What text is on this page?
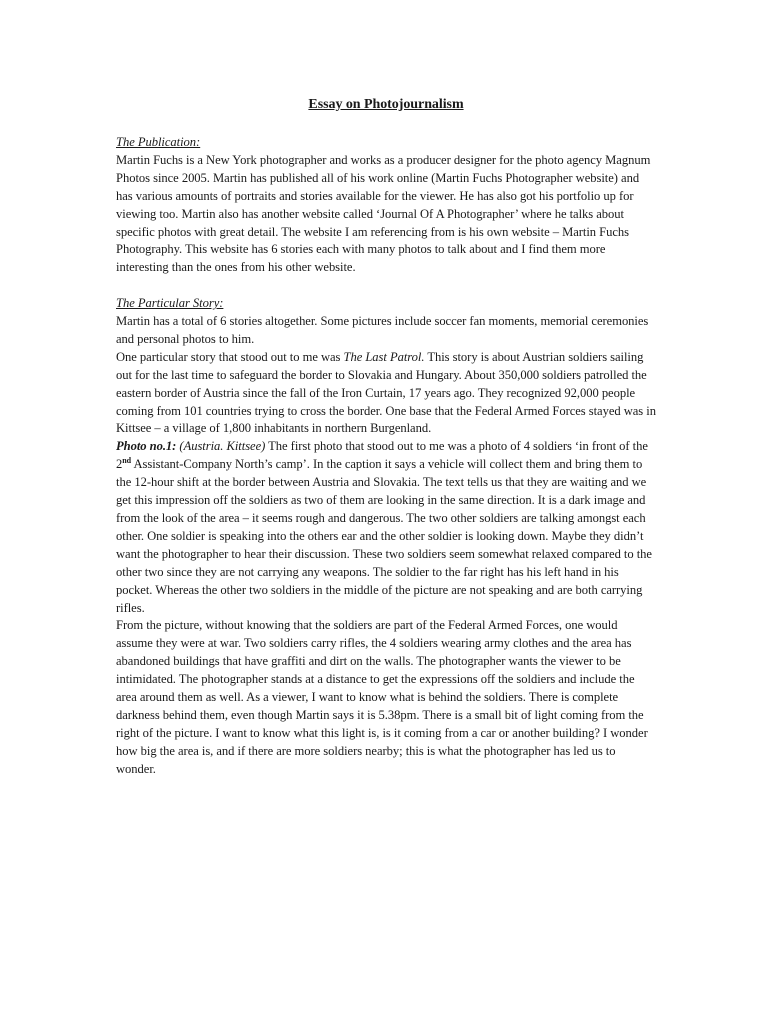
Essay on Photojournalism

The Publication:

Martin Fuchs is a New York photographer and works as a producer designer for the photo agency Magnum Photos since 2005. Martin has published all of his work online (Martin Fuchs Photographer website) and has various amounts of portraits and stories available for the viewer. He has also got his portfolio up for viewing too. Martin also has another website called ‘Journal Of A Photographer’ where he talks about specific photos with great detail. The website I am referencing from is his own website – Martin Fuchs Photography. This website has 6 stories each with many photos to talk about and I find them more interesting than the ones from his other website.

The Particular Story:

Martin has a total of 6 stories altogether. Some pictures include soccer fan moments, memorial ceremonies and personal photos to him.

One particular story that stood out to me was The Last Patrol. This story is about Austrian soldiers sailing out for the last time to safeguard the border to Slovakia and Hungary. About 350,000 soldiers patrolled the eastern border of Austria since the fall of the Iron Curtain, 17 years ago. They recognized 92,000 people coming from 101 countries trying to cross the border. One base that the Federal Armed Forces stayed was in Kittsee – a village of 1,800 inhabitants in northern Burgenland.

Photo no.1: (Austria. Kittsee) The first photo that stood out to me was a photo of 4 soldiers ‘in front of the 2nd Assistant-Company North’s camp’. In the caption it says a vehicle will collect them and bring them to the 12-hour shift at the border between Austria and Slovakia. The text tells us that they are waiting and we get this impression off the soldiers as two of them are looking in the same direction. It is a dark image and from the look of the area – it seems rough and dangerous. The two other soldiers are talking amongst each other. One soldier is speaking into the others ear and the other soldier is looking down. Maybe they didn’t want the photographer to hear their discussion. These two soldiers seem somewhat relaxed compared to the other two since they are not carrying any weapons. The soldier to the far right has his left hand in his pocket. Whereas the other two soldiers in the middle of the picture are not speaking and are both carrying rifles.

From the picture, without knowing that the soldiers are part of the Federal Armed Forces, one would assume they were at war. Two soldiers carry rifles, the 4 soldiers wearing army clothes and the area has abandoned buildings that have graffiti and dirt on the walls. The photographer wants the viewer to be intimidated. The photographer stands at a distance to get the expressions off the soldiers and include the area around them as well. As a viewer, I want to know what is behind the soldiers. There is complete darkness behind them, even though Martin says it is 5.38pm. There is a small bit of light coming from the right of the picture. I want to know what this light is, is it coming from a car or another building? I wonder how big the area is, and if there are more soldiers nearby; this is what the photographer has led us to wonder.
